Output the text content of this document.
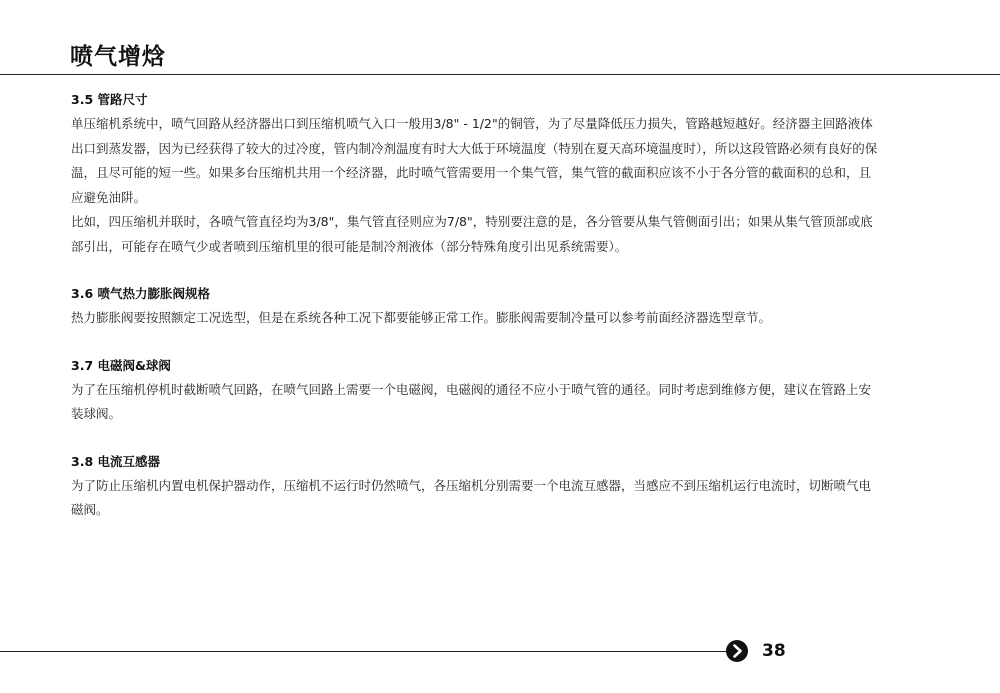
喷气增焓
3.5 管路尺寸

单压缩机系统中，喷气回路从经济器出口到压缩机喷气入口一般用3/8" - 1/2"的铜管，为了尽量降低压力损失，管路越短越好。经济器主回路液体出口到蒸发器，因为已经获得了较大的过冷度，管内制冷剂温度有时大大低于环境温度（特别在夏天高环境温度时），所以这段管路必须有良好的保温，且尽可能的短一些。如果多台压缩机共用一个经济器，此时喷气管需要用一个集气管，集气管的截面积应该不小于各分管的截面积的总和，且应避免油阱。

比如，四压缩机并联时，各喷气管直径均为3/8"，集气管直径则应为7/8"，特别要注意的是，各分管要从集气管侧面引出；如果从集气管顶部或底部引出，可能存在喷气少或者喷到压缩机里的很可能是制冷剂液体（部分特殊角度引出见系统需要）。

3.6 喷气热力膨胀阀规格

热力膨胀阀要按照额定工况选型，但是在系统各种工况下都要能够正常工作。膨胀阀需要制冷量可以参考前面经济器选型章节。

3.7 电磁阀&球阀

为了在压缩机停机时截断喷气回路，在喷气回路上需要一个电磁阀，电磁阀的通径不应小于喷气管的通径。同时考虑到维修方便，建议在管路上安装球阀。

3.8 电流互感器

为了防止压缩机内置电机保护器动作，压缩机不运行时仍然喷气，各压缩机分别需要一个电流互感器，当感应不到压缩机运行电流时，切断喷气电磁阀。

38
